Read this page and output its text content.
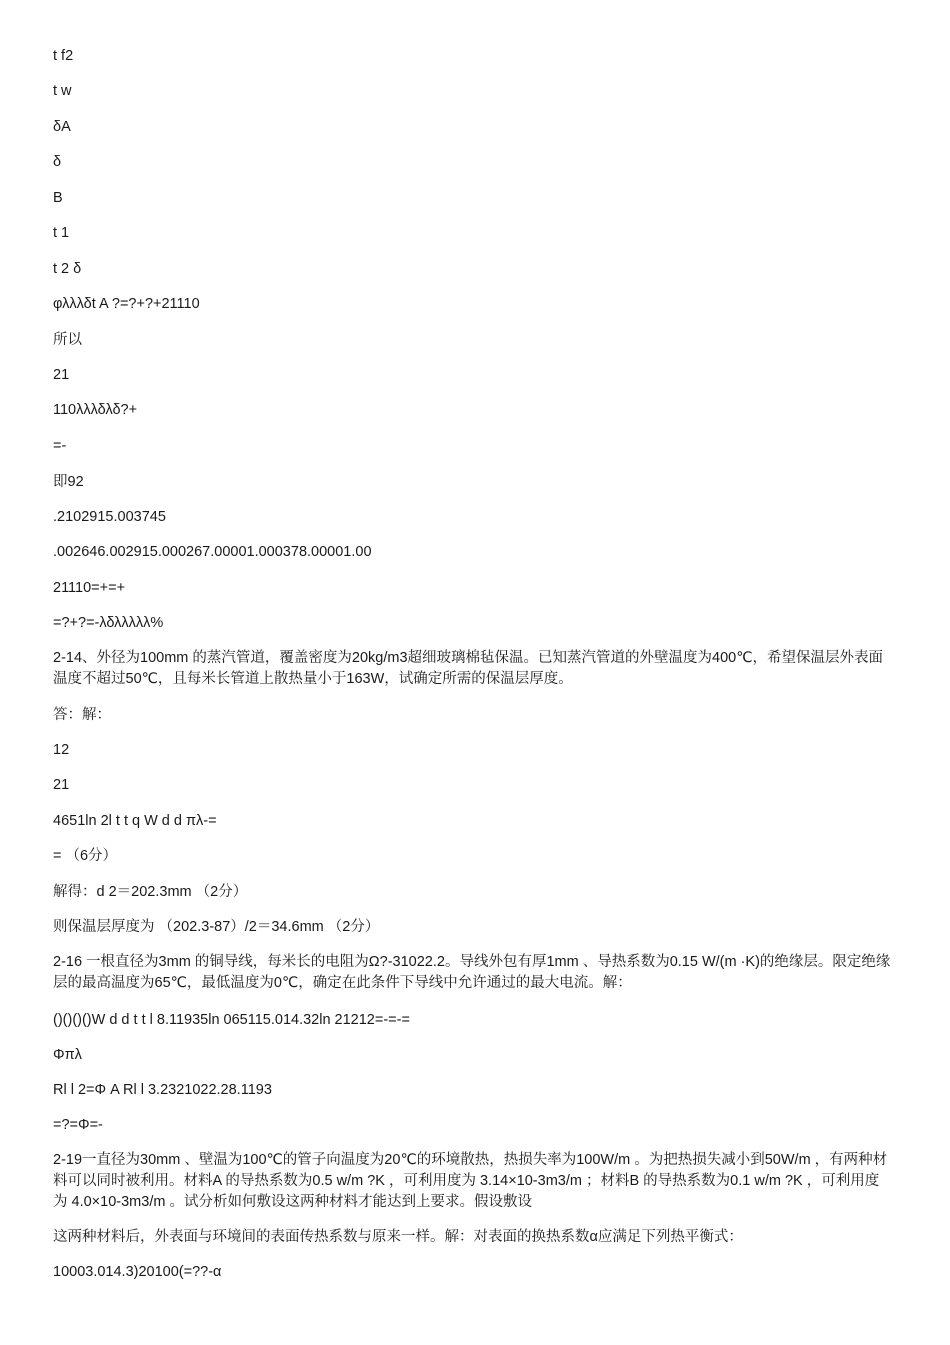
t f2

t w

δA

δ

B

t 1

t 2 δ

φλλλδt A ?=?+?+21110

所以

21

110λλλδλδ?+

=-

即92

.2102915.003745

.002646.002915.000267.00001.000378.00001.00

21110=+=+

=?+?=-λδλλλλλ%

2-14、外径为100mm 的蒸汽管道，覆盖密度为20kg/m3超细玻璃棉毡保温。已知蒸汽管道的外壁温度为400℃，希望保温层外表面温度不超过50℃，且每米长管道上散热量小于163W，试确定所需的保温层厚度。

答：解：

12

21

4651ln 2l t t q W d d πλ-=

= （6分）

解得：d 2＝202.3mm （2分）

则保温层厚度为 （202.3-87）/2＝34.6mm （2分）

2-16 一根直径为3mm 的铜导线，每米长的电阻为Ω?-31022.2。导线外包有厚1mm 、导热系数为0.15 W/(m ·K)的绝缘层。限定绝缘层的最高温度为65℃，最低温度为0℃，确定在此条件下导线中允许通过的最大电流。解：

()()()()W d d t t l 8.11935ln 065115.014.32ln 21212=-=-=

Φπλ

Rl l 2=Φ A Rl l 3.2321022.28.1193

=?=Φ=-

2-19一直径为30mm 、壁温为100℃的管子向温度为20℃的环境散热，热损失率为100W/m 。为把热损失减小到50W/m ，有两种材料可以同时被利用。材料A 的导热系数为0.5 w/m ?K ，可利用度为 3.14×10-3m3/m ；材料B 的导热系数为0.1 w/m ?K ，可利用度为 4.0×10-3m3/m 。试分析如何敷设这两种材料才能达到上要求。假设敷设

这两种材料后，外表面与环境间的表面传热系数与原来一样。解：对表面的换热系数α应满足下列热平衡式：

10003.014.3)20100(=??-α
